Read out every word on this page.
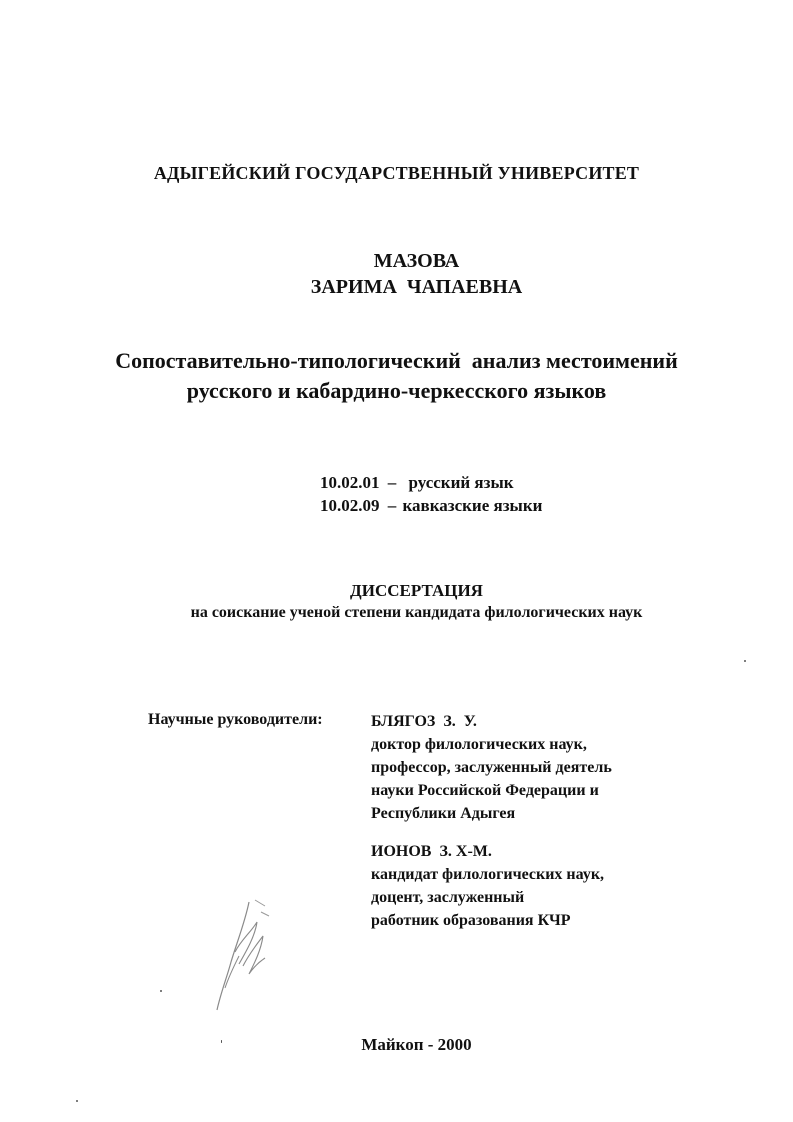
АДЫГЕЙСКИЙ ГОСУДАРСТВЕННЫЙ УНИВЕРСИТЕТ
МАЗОВА
ЗАРИМА  ЧАПАЕВНА
Сопоставительно-типологический  анализ местоимений
русского и кабардино-черкесского языков
10.02.01 – русский язык
10.02.09 – кавказские языки
ДИССЕРТАЦИЯ
на соискание ученой степени кандидата филологических наук
Научные руководители:	БЛЯГОЗ  З.  У.
доктор филологических наук,
профессор, заслуженный деятель
науки Российской Федерации и
Республики Адыгея
ИОНОВ  З. Х-М.
кандидат филологических наук,
доцент, заслуженный
работник образования КЧР
Майкоп - 2000
